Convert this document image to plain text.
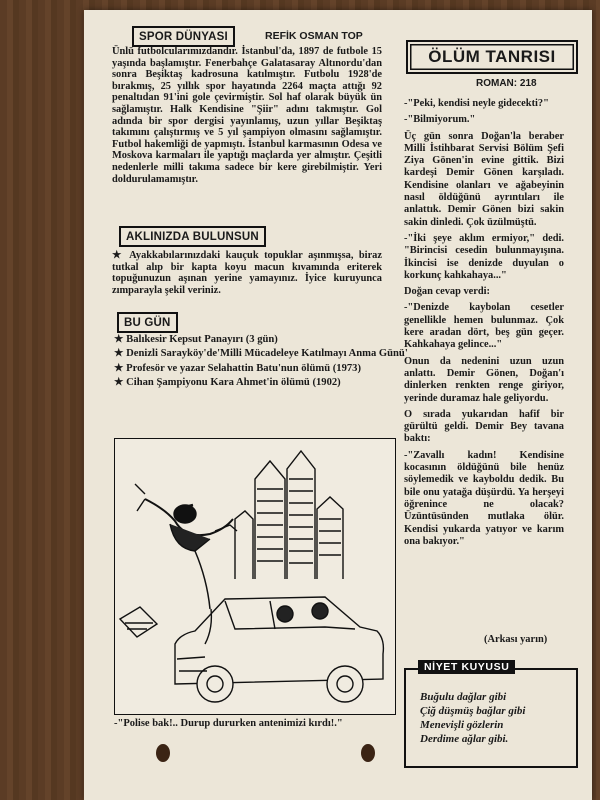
SPOR DÜNYASI	REFİK OSMAN TOP
Ünlü futbolcularımızdandır. İstanbul'da, 1897 de futbole 15 yaşında başlamıştır. Fenerbahçe Galatasaray Altınordu'dan sonra Beşiktaş kadrosuna katılmıştır. Futbolu 1928'de bırakmış, 25 yıllık spor hayatında 2264 maçta attığı 92 penaltıdan 91'ini gole çevirmiştir. Sol haf olarak büyük ün sağlamıştır. Halk Kendisine "Şiir" adını takmıştır. Gol adında bir spor dergisi yayınlamış, uzun yıllar Beşiktaş takımını çalıştırmış ve 5 yıl şampiyon olmasını sağlamıştır. Futbol hakemliği de yapmıştı. İstanbul karmasının Odesa ve Moskova karmaları ile yaptığı maçlarda yer almıştır. Çeşitli nedenlerle milli takıma sadece bir kere girebilmiştir. Yeri doldurulamamıştır.
AKLINIZDA BULUNSUN
★ Ayakkabılarınızdaki kauçuk topuklar aşınmışsa, biraz tutkal alıp bir kapta koyu macun kıvamında eriterek topuğunuzun aşınan yerine yamayınız. İyice kuruyunca zımparayla şekil veriniz.
BU GÜN
★ Balıkesir Kepsut Panayırı (3 gün)
★ Denizli Sarayköy'de'Milli Mücadeleye Katılmayı Anma Günü'
★ Profesör ve yazar Selahattin Batu'nun ölümü (1973)
★ Cihan Şampiyonu Kara Ahmet'in ölümü (1902)
-"Polise bak!.. Durup dururken antenimizi kırdı!."
ÖLÜM TANRISI
ROMAN: 218

-"Peki, kendisi neyle gidecekti?"

-"Bilmiyorum."

Üç gün sonra Doğan'la beraber Milli İstihbarat Servisi Bölüm Şefi Ziya Gönen'in evine gittik. Bizi kardeşi Demir Gönen karşıladı. Kendisine olanları ve ağabeyinin nasıl öldüğünü ayrıntıları ile anlattık. Demir Gönen bizi sakin sakin dinledi. Çok üzülmüştü.

-"İki şeye aklım ermiyor," dedi. "Birincisi cesedin bulunmayışına. İkincisi ise denizde duyulan o korkunç kahkahaya..."

Doğan cevap verdi:

-"Denizde kaybolan cesetler genellikle hemen bulunmaz. Çok kere aradan dört, beş gün geçer. Kahkahaya gelince..."

Onun da nedenini uzun uzun anlattı. Demir Gönen, Doğan'ı dinlerken renkten renge giriyor, yerinde duramaz hale geliyordu.

O sırada yukarıdan hafif bir gürültü geldi. Demir Bey tavana baktı:

-"Zavallı kadın! Kendisine kocasının öldüğünü bile henüz söylemedik ve kayboldu dedik. Bu bile onu yatağa düşürdü. Ya herşeyi öğrenince ne olacak? Üzüntüsünden mutlaka ölür. Kendisi yukarda yatıyor ve karım ona bakıyor."

(Arkası yarın)
NİYET KUYUSU
Buğulu dağlar gibi
Çiğ düşmüş bağlar gibi
Menevişli gözlerin
Derdime ağlar gibi.
